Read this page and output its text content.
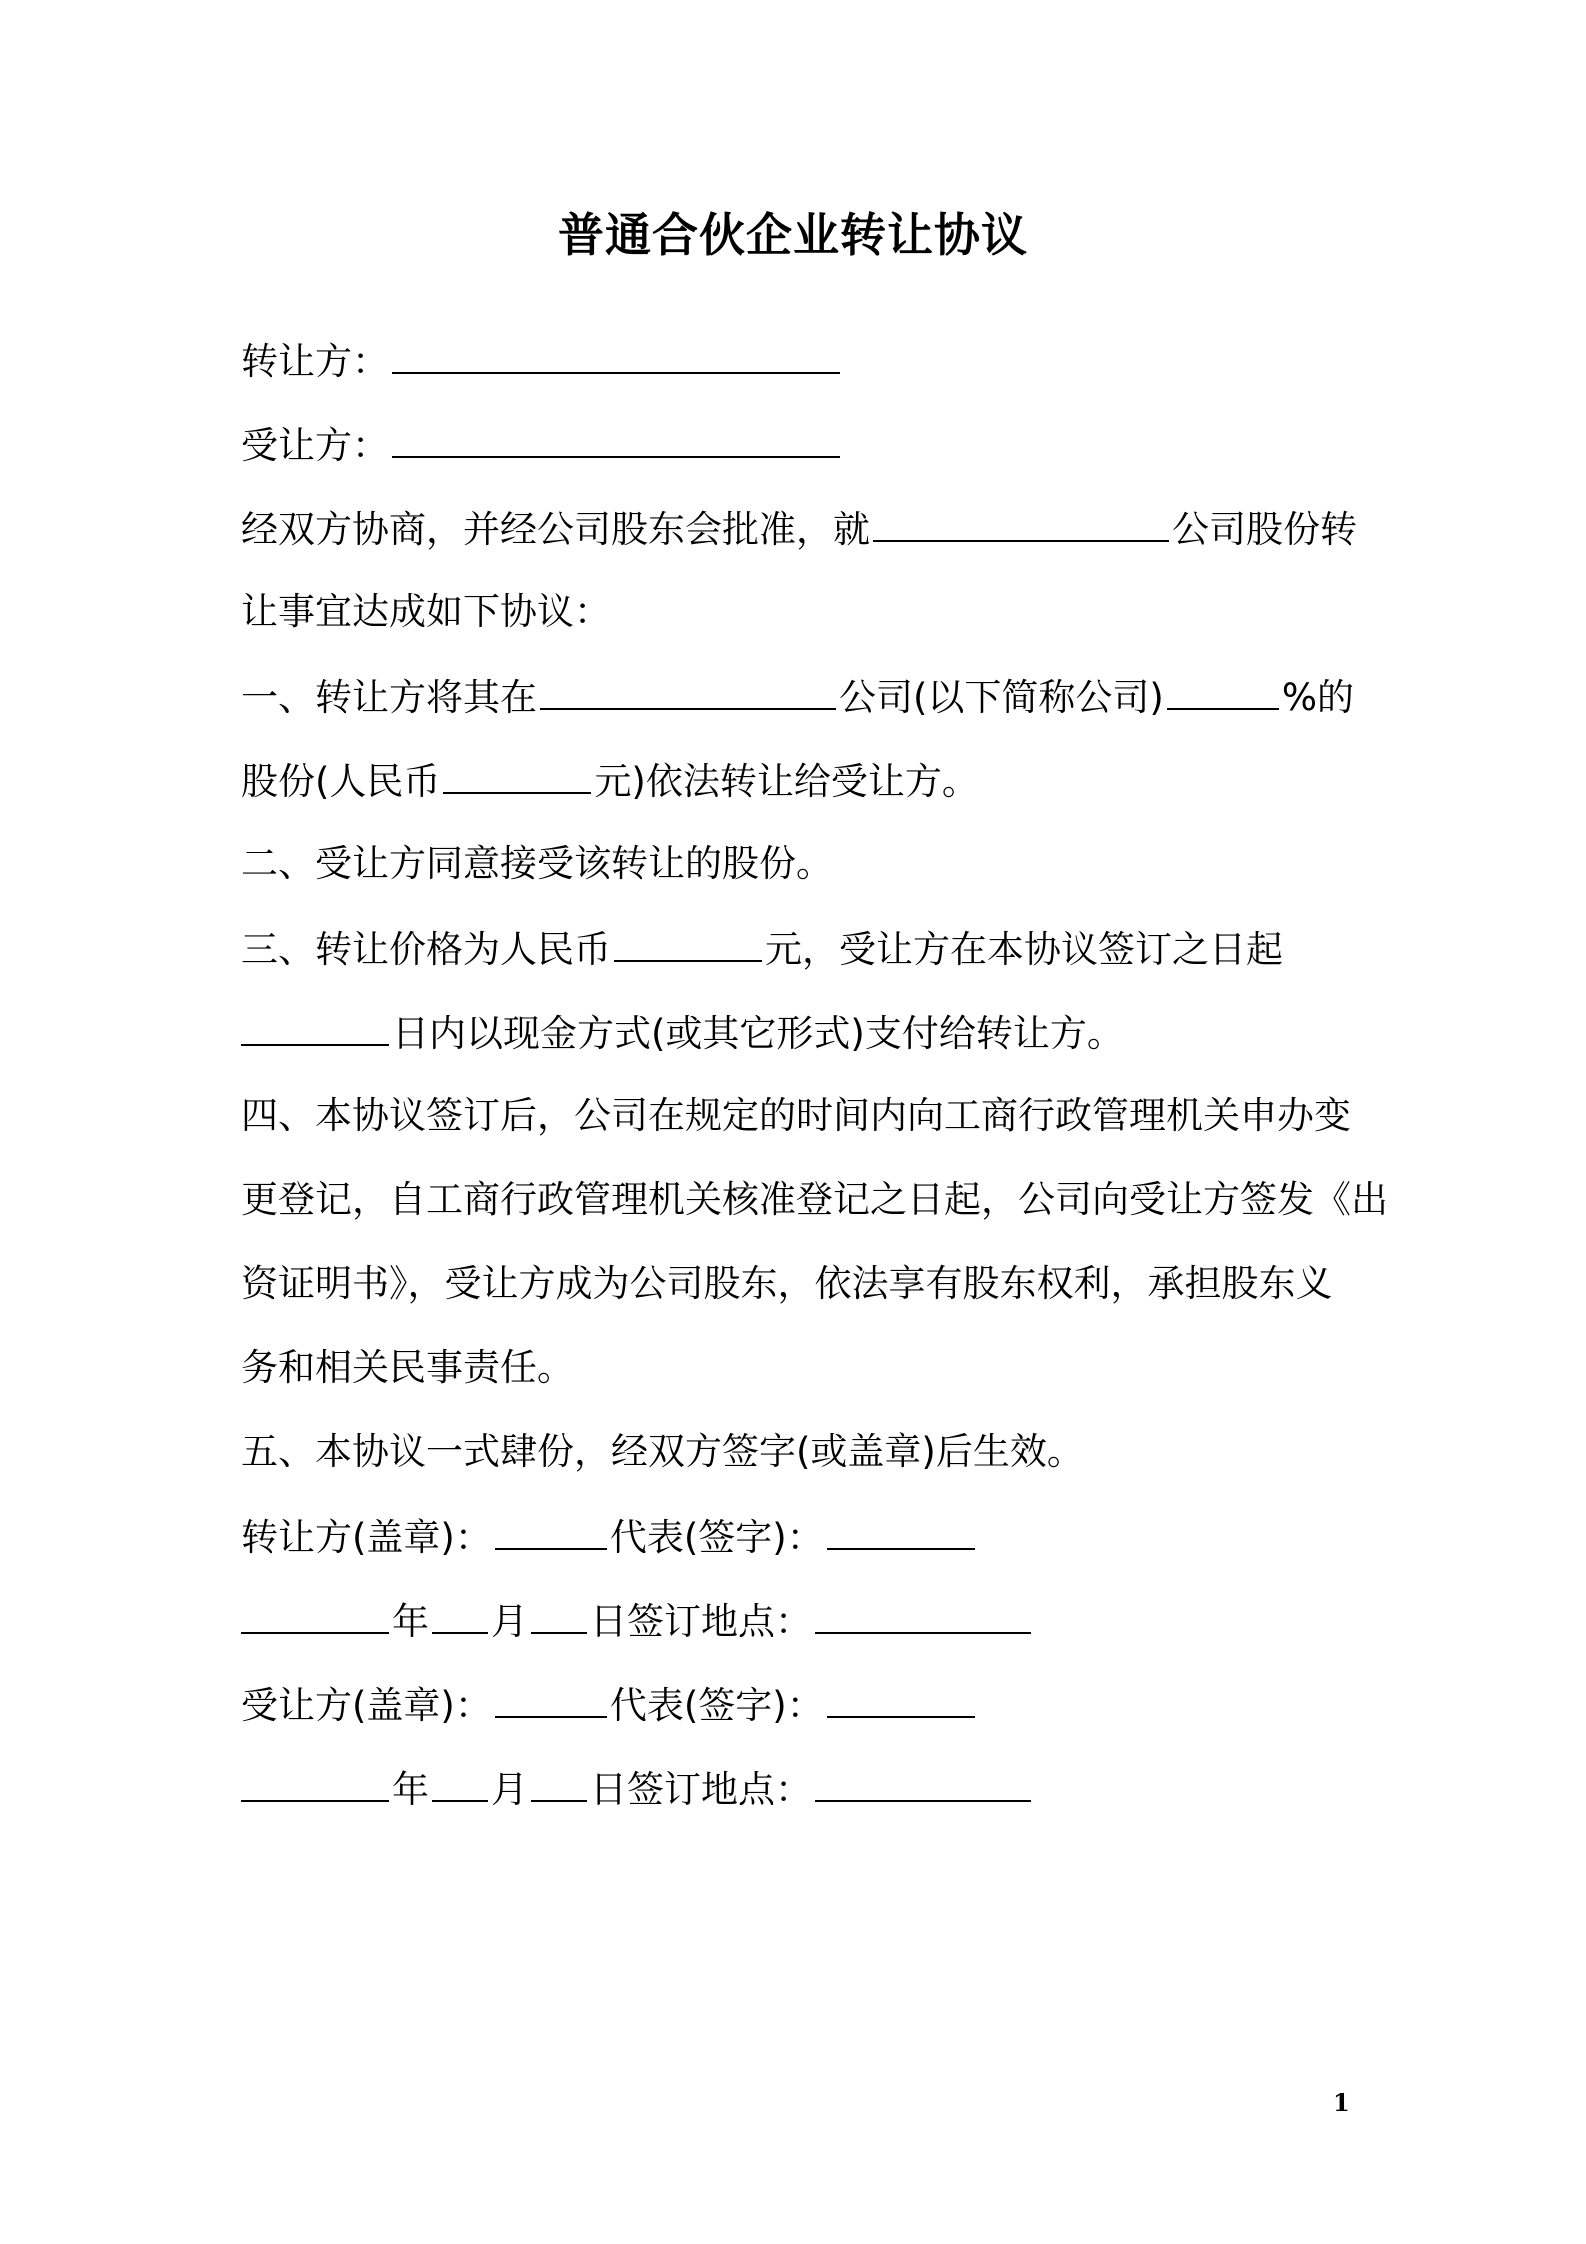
普通合伙企业转让协议
转让方：
受让方：
经双方协商，并经公司股东会批准，就	公司股份转
让事宜达成如下协议：
一、转让方将其在	公司(以下简称公司)	%的
股份(人民币	元)依法转让给受让方。
二、受让方同意接受该转让的股份。
三、转让价格为人民币	元，受让方在本协议签订之日起
日内以现金方式(或其它形式)支付给转让方。
四、本协议签订后，公司在规定的时间内向工商行政管理机关申办变
更登记，自工商行政管理机关核准登记之日起，公司向受让方签发《出
资证明书》，受让方成为公司股东，依法享有股东权利，承担股东义
务和相关民事责任。
五、本协议一式肆份，经双方签字(或盖章)后生效。
转让方(盖章)：	代表(签字)：
年 月 日签订地点：
受让方(盖章)：	代表(签字)：
年 月 日签订地点：
1
